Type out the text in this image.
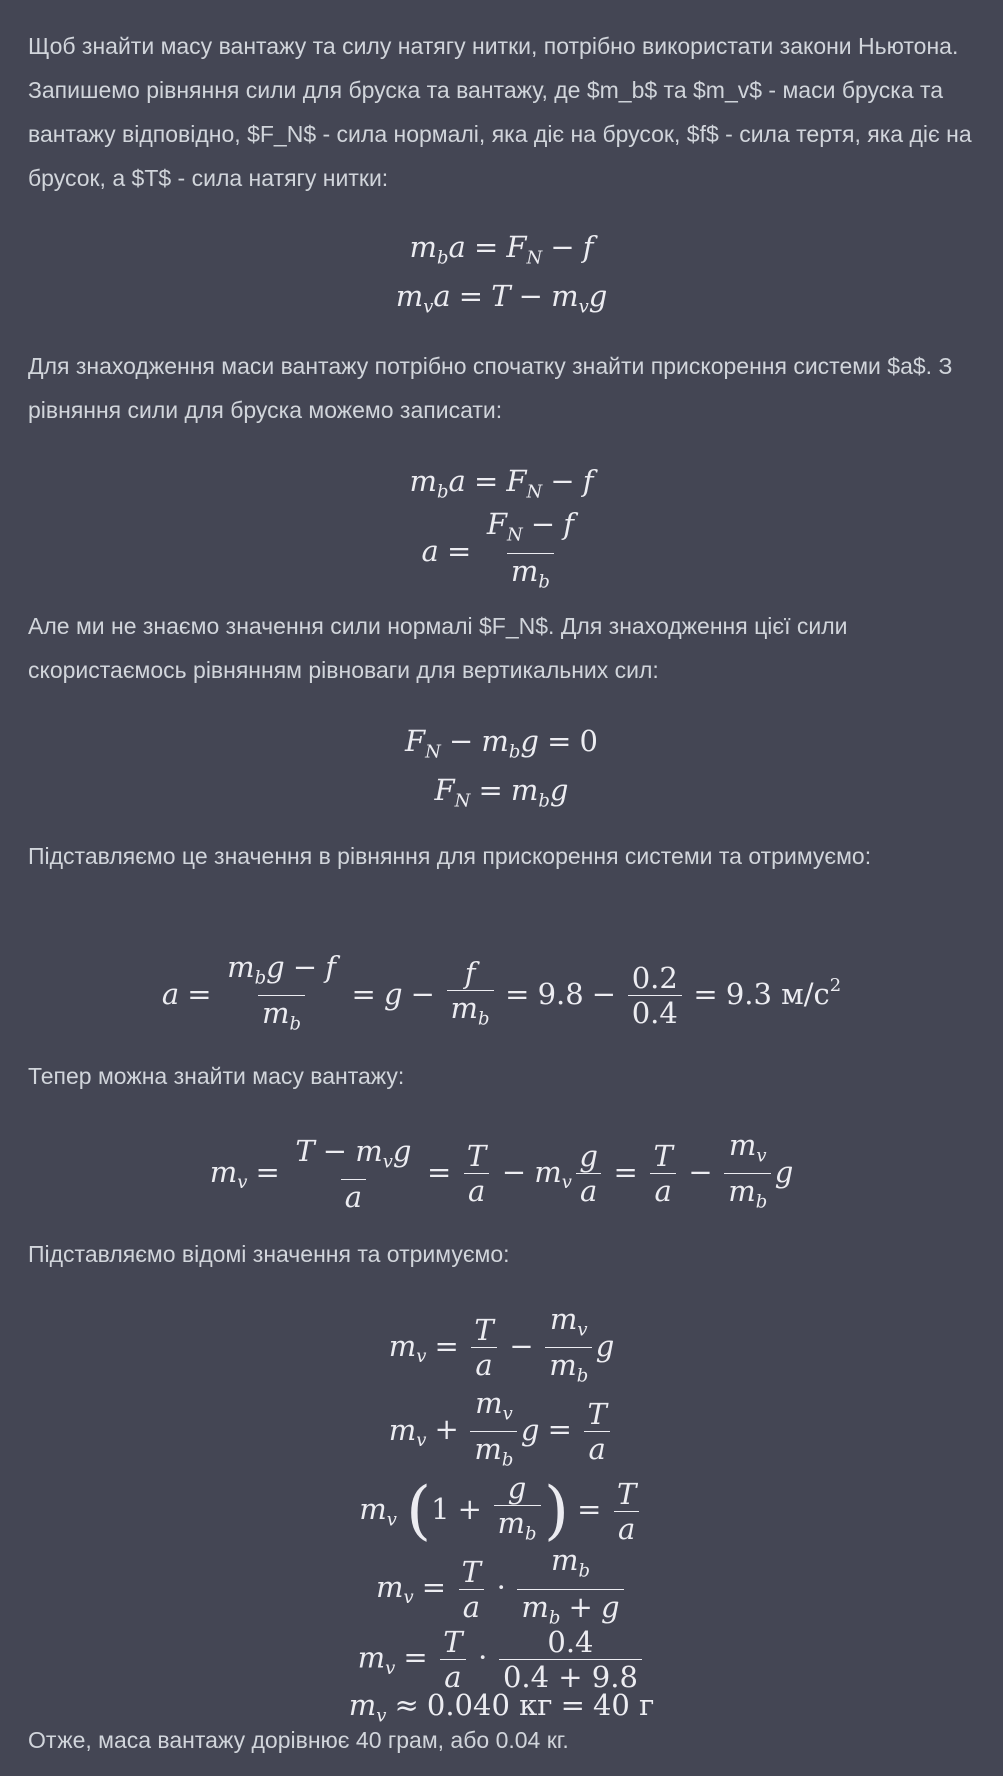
Щоб знайти масу вантажу та силу натягу нитки, потрібно використати закони Ньютона. Запишемо рівняння сили для бруска та вантажу, де $m_b$ та $m_v$ - маси бруска та вантажу відповідно, $F_N$ - сила нормалі, яка діє на брусок, $f$ - сила тертя, яка діє на брусок, а $T$ - сила натягу нитки:

$m_ba = F_N - f$
$m_va = T - m_vg$

Для знаходження маси вантажу потрібно спочатку знайти прискорення системи $a$. З рівняння сили для бруска можемо записати:

$m_ba = F_N - f$
$a = \frac{F_N - f}{m_b}$

Але ми не знаємо значення сили нормалі $F_N$. Для знаходження цієї сили скористаємось рівнянням рівноваги для вертикальних сил:

$F_N - m_bg = 0$
$F_N = m_bg$

Підставляємо це значення в рівняння для прискорення системи та отримуємо:

$a = \frac{m_bg - f}{m_b} = g - \frac{f}{m_b} = 9.8 - \frac{0.2}{0.4} = 9.3$ $м/с^2$

Тепер можна знайти масу вантажу:

$m_v = \frac{T - m_vg}{a} = \frac{T}{a} - m_v \frac{g}{a} = \frac{T}{a} - \frac{m_v}{m_b}$ g

Підставляємо відомі значення та отримуємо:

$m_v = \frac{T}{a} - \frac{m_v}{m_b}$ g
$m_v + \frac{m_v}{m_b}$ $g = \frac{T}{a}$
$m_v$ ($1 + \frac{g}{m_b}$ ) = $\frac{T}{a}$
$m_v = \frac{T}{a} \cdot \frac{m_b}{m_b + g}$
$m_v = \frac{T}{a} \cdot \frac{0.4}{0.4 + 9.8}$
$m_v \approx 0.040$ кг = 40 г

Отже, маса вантажу дорівнює 40 грам, або 0.04 кг.
